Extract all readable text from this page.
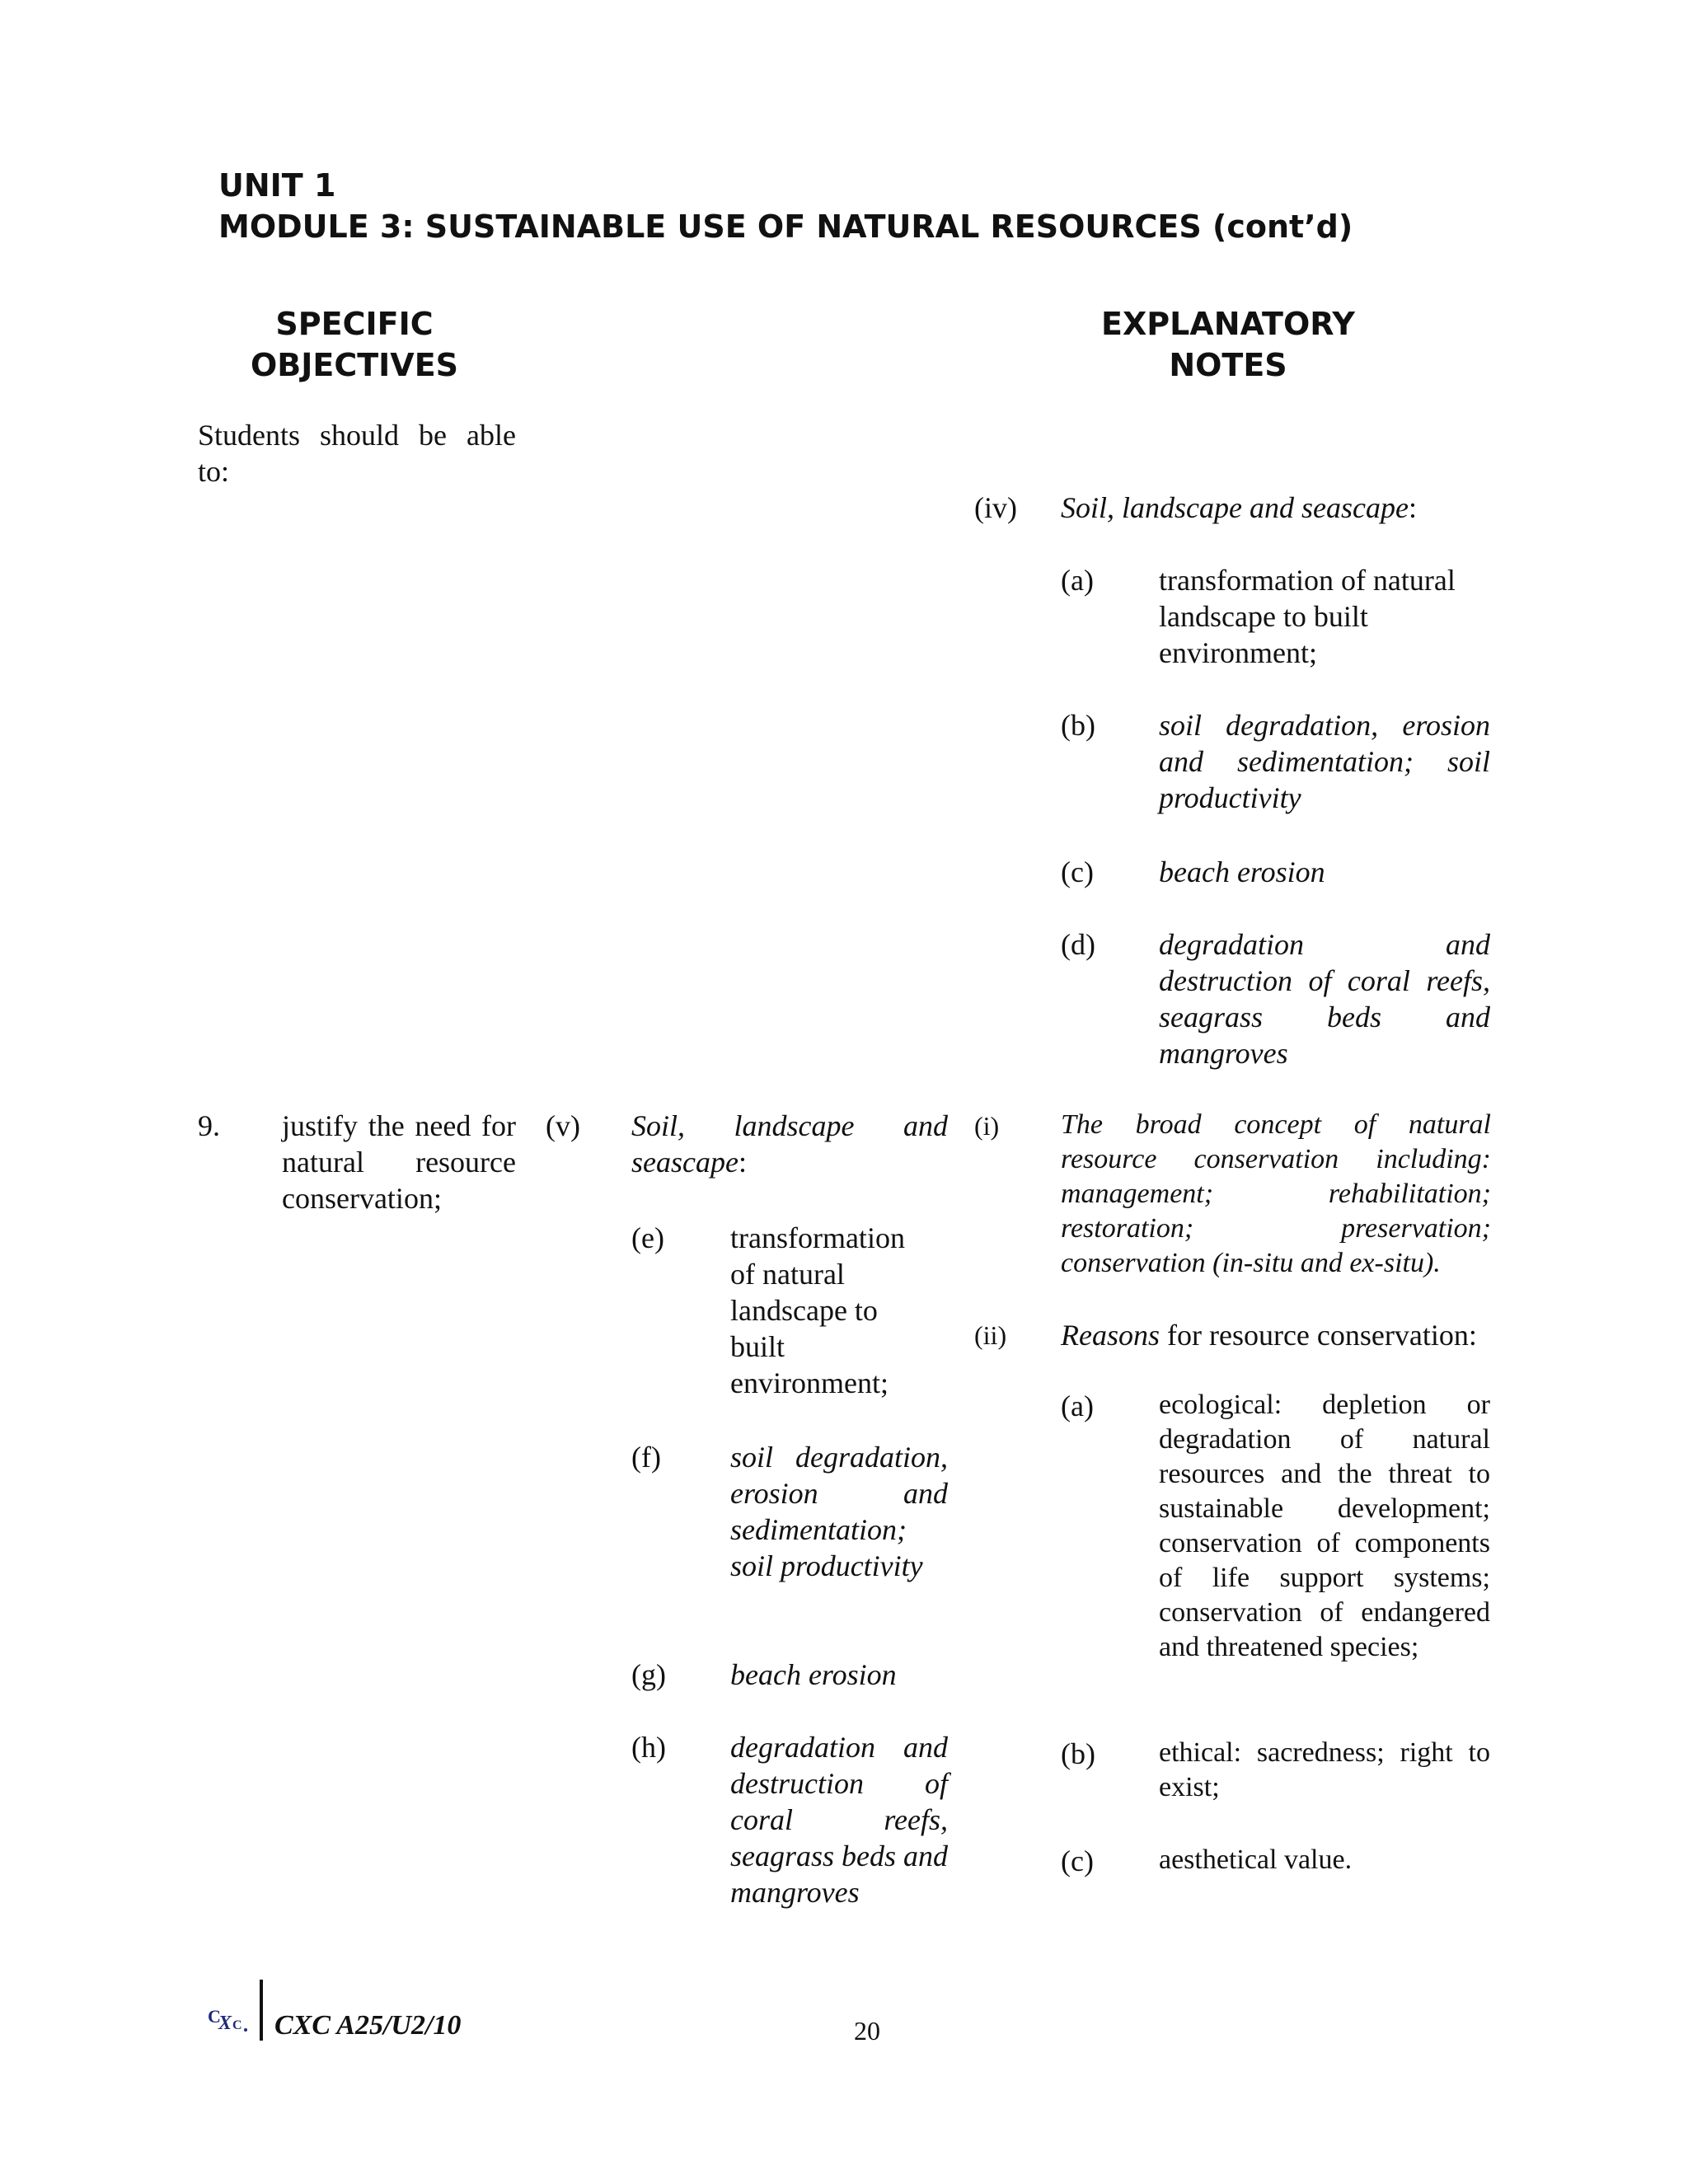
UNIT 1
MODULE 3: SUSTAINABLE USE OF NATURAL RESOURCES (cont’d)
SPECIFIC
OBJECTIVES
EXPLANATORY NOTES
Students should be able to:
(iv) Soil, landscape and seascape:
(a) transformation of natural landscape to built environment;
(b) soil degradation, erosion and sedimentation; soil productivity
(c) beach erosion
(d) degradation and destruction of coral reefs, seagrass beds and mangroves
9. justify the need for natural resource conservation;
(v) Soil, landscape and seascape:
(e) transformation of natural landscape to built environment;
(f) soil degradation, erosion and sedimentation; soil productivity
(g) beach erosion
(h) degradation and destruction of coral reefs, seagrass beds and mangroves
(i) The broad concept of natural resource conservation including: management; rehabilitation; restoration; preservation; conservation (in-situ and ex-situ).
(ii) Reasons for resource conservation:
(a) ecological: depletion or degradation of natural resources and the threat to sustainable development; conservation of components of life support systems; conservation of endangered and threatened species;
(b) ethical: sacredness; right to exist;
(c) aesthetical value.
C
X C CXC A25/U2/10	20
